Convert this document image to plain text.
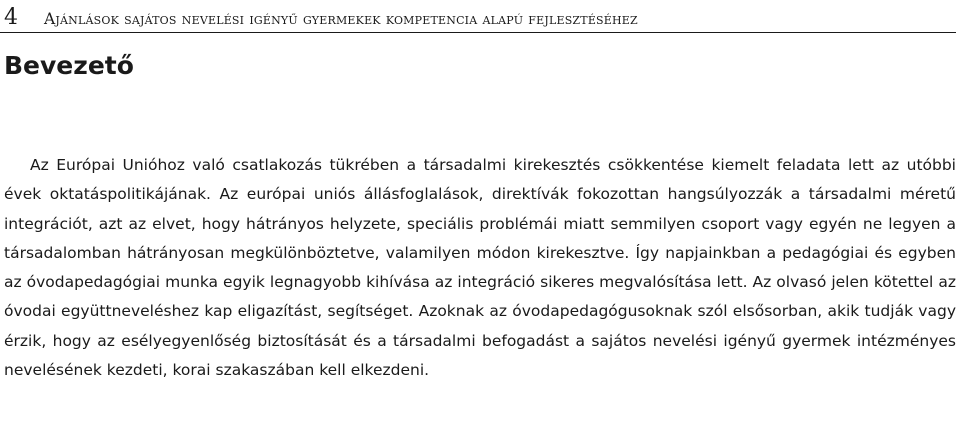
4	Ajánlások sajátos nevelési igényű gyermekek kompetencia alapú fejlesztéséhez
Bevezető

Az Európai Unióhoz való csatlakozás tükrében a társadalmi kirekesztés csökkentése kiemelt feladata lett az utóbbi évek oktatáspolitikájának. Az európai uniós állásfoglalások, direktívák fokozottan hangsúlyozzák a társadalmi méretű integrációt, azt az elvet, hogy hátrányos helyzete, speciális problémái miatt semmilyen csoport vagy egyén ne legyen a társadalomban hátrányosan megkülönböztetve, valamilyen módon kirekesztve. Így napjainkban a pedagógiai és egyben az óvodapedagógiai munka egyik legnagyobb kihívása az integráció sikeres megvalósítása lett. Az olvasó jelen kötettel az óvodai együttneveléshez kap eligazítást, segítséget. Azoknak az óvodapedagógusoknak szól elsősorban, akik tudják vagy érzik, hogy az esélyegyenlőség biztosítását és a társadalmi befogadást a sajátos nevelési igényű gyermek intézményes nevelésének kezdeti, korai szakaszában kell elkezdeni.
